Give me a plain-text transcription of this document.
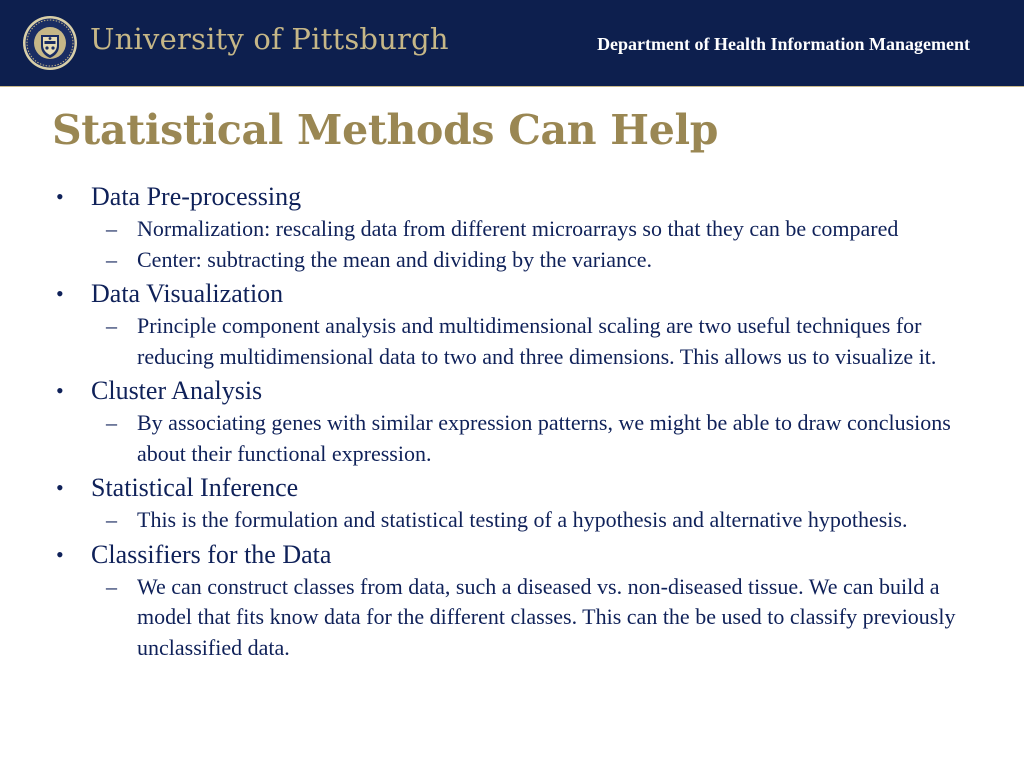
University of Pittsburgh	Department of Health Information Management
Statistical Methods Can Help
• Data Pre-processing
– Normalization: rescaling data from different microarrays so that they can be compared
– Center: subtracting the mean and dividing by the variance.
• Data Visualization
– Principle component analysis and multidimensional scaling are two useful techniques for reducing multidimensional data to two and three dimensions. This allows us to visualize it.
• Cluster Analysis
– By associating genes with similar expression patterns, we might be able to draw conclusions about their functional expression.
• Statistical Inference
– This is the formulation and statistical testing of a hypothesis and alternative hypothesis.
• Classifiers for the Data
– We can construct classes from data, such a diseased vs. non-diseased tissue. We can build a model that fits know data for the different classes. This can the be used to classify previously unclassified data.
